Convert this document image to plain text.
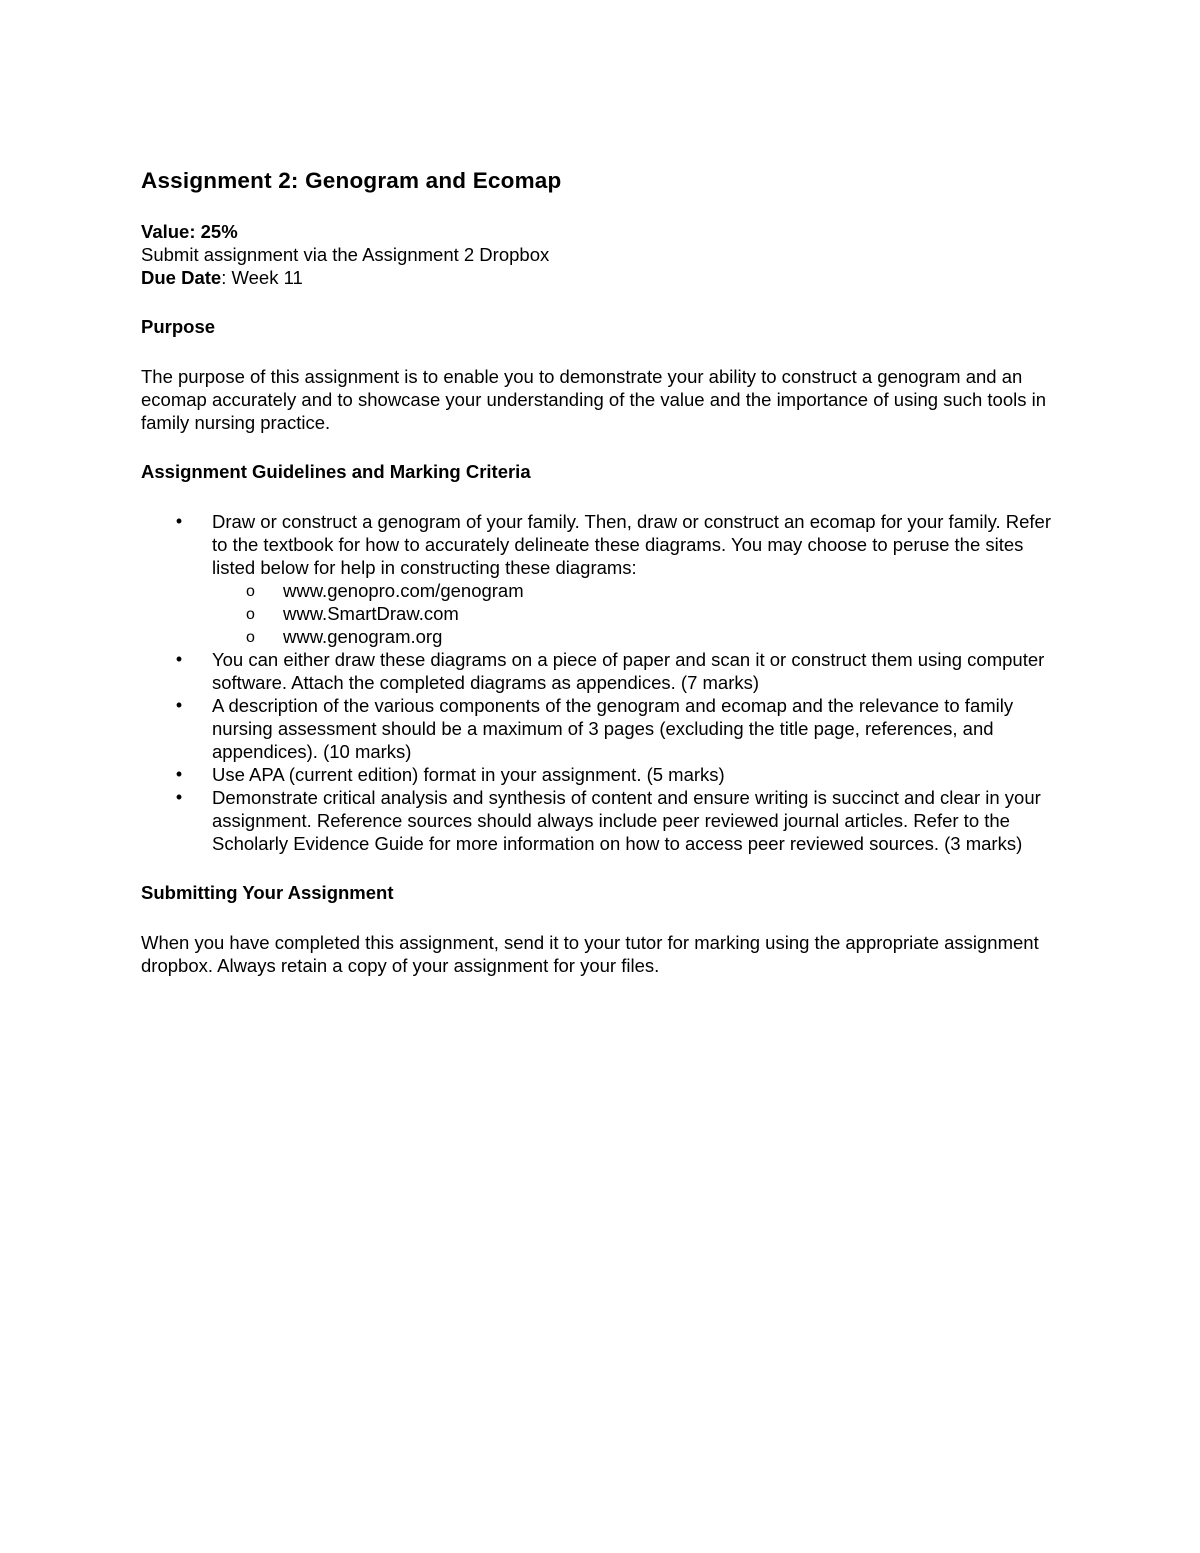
Assignment 2: Genogram and Ecomap

Value: 25%

Submit assignment via the Assignment 2 Dropbox

Due Date: Week 11

Purpose

The purpose of this assignment is to enable you to demonstrate your ability to construct a genogram and an ecomap accurately and to showcase your understanding of the value and the importance of using such tools in family nursing practice.

Assignment Guidelines and Marking Criteria

• Draw or construct a genogram of your family. Then, draw or construct an ecomap for your family. Refer to the textbook for how to accurately delineate these diagrams. You may choose to peruse the sites listed below for help in constructing these diagrams:
o	www.genopro.com/genogram
o	www.SmartDraw.com
o	www.genogram.org
• You can either draw these diagrams on a piece of paper and scan it or construct them using computer software. Attach the completed diagrams as appendices. (7 marks)
• A description of the various components of the genogram and ecomap and the relevance to family nursing assessment should be a maximum of 3 pages (excluding the title page, references, and appendices). (10 marks)
• Use APA (current edition) format in your assignment. (5 marks)
• Demonstrate critical analysis and synthesis of content and ensure writing is succinct and clear in your assignment. Reference sources should always include peer reviewed journal articles. Refer to the Scholarly Evidence Guide for more information on how to access peer reviewed sources. (3 marks)

Submitting Your Assignment

When you have completed this assignment, send it to your tutor for marking using the appropriate assignment dropbox. Always retain a copy of your assignment for your files.
